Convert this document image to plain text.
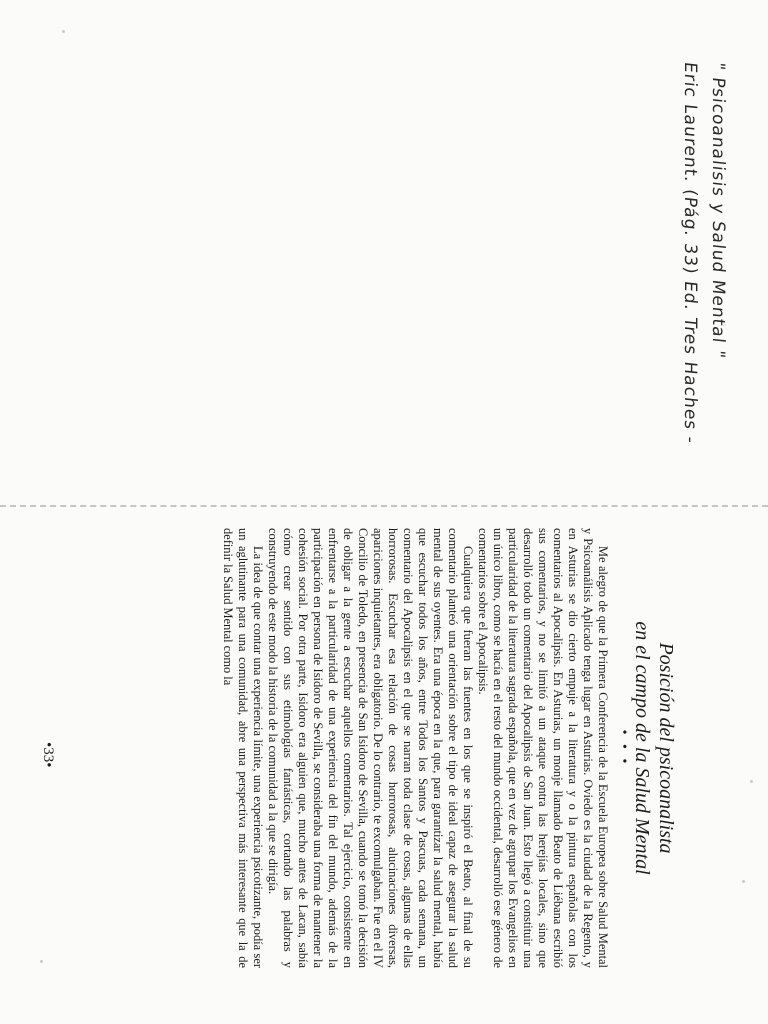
" Psicoanalisis y Salud Mental "
Eric Laurent. (Pág. 33) Ed. Tres Haches -

Posición del psicoanalista

en el campo de la Salud Mental

• • •

Me alegro de que la Primera Conferencia de la Escuela Europea sobre Salud Mental y Psicoanálisis Aplicado tenga lugar en Asturias. Oviedo es la ciudad de la Regento, y en Asturias se dio cierto empuje a la literatura y o la pintura españolas con los comentarios al Apocalipsis. En Asturias, un monje llamado Beato de Liébana escribió sus comentarios, y no se limitó a un ataque contra las herejías locales, sino que desarrolló todo un comentario del Apocalipsis de San Juan. Esto llegó a constituir una particularidad de la literatura sagrada española, que en vez de agrupar los Evangelios en un único libro, como se hacía en el resto del mundo occidental, desarrolló ese género de comentarios sobre el Apocalipsis.

Cualquiera que fueran las fuentes en los que se inspiró el Beato, al final de su comentario planteó una orientación sobre el tipo de ideal capaz de asegurar la salud mental de sus oyentes. Era una época en la que, para garantizar la salud mental, había que escuchar todos los años, entre Todos los Santos y Pascuas, cada semana, un comentario del Apocalipsis en el que se narran toda clase de cosas, algunas de ellas horrorosas. Escuchar esa relación de cosas horrorosas, alucinaciones diversas, apariciones inquietantes, era obligatorio. De lo contrario, te excomulgaban. Fue en el IV Concilio de Toledo, en presencia de San Isidoro de Sevilla, cuando se tomó la decisión de obligar a la gente a escuchar aquellos comentarios. Tal ejercicio, consistente en enfrentarse a la particularidad de una experiencia del fin del mundo, además de la participación en persona de Isidoro de Sevilla, se consideraba una forma de mantener la cohesión social. Por otra parte, Isidoro era alguien que, mucho antes de Lacan, sabía cómo crear sentido con sus etimologías fantásticas, cortando las palabras y construyendo de este modo la historia de la comunidad a la que se dirigía.

La idea de que contar una experiencia límite, una experiencia psicotizante, podía ser un aglutinante para una comunidad, abre una perspectiva más interesante que la de definir la Salud Mental como la

•33•
